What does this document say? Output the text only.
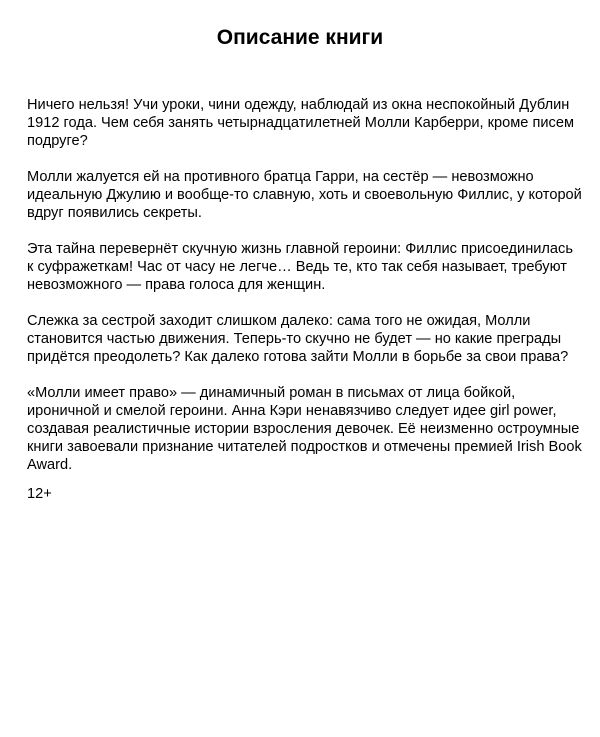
Описание книги

Ничего нельзя! Учи уроки, чини одежду, наблюдай из окна неспокойный Дублин 1912 года. Чем себя занять четырнадцатилетней Молли Карберри, кроме писем подруге?

Молли жалуется ей на противного братца Гарри, на сестёр — невозможно идеальную Джулию и вообще-то славную, хоть и своевольную Филлис, у которой вдруг появились секреты.

Эта тайна перевернёт скучную жизнь главной героини: Филлис присоединилась к суфражеткам! Час от часу не легче… Ведь те, кто так себя называет, требуют невозможного — права голоса для женщин.

Слежка за сестрой заходит слишком далеко: сама того не ожидая, Молли становится частью движения. Теперь-то скучно не будет — но какие преграды придётся преодолеть? Как далеко готова зайти Молли в борьбе за свои права?

«Молли имеет право» — динамичный роман в письмах от лица бойкой, ироничной и смелой героини. Анна Кэри ненавязчиво следует идее girl power, создавая реалистичные истории взросления девочек. Её неизменно остроумные книги завоевали признание читателей подростков и отмечены премией Irish Book Award.

12+
